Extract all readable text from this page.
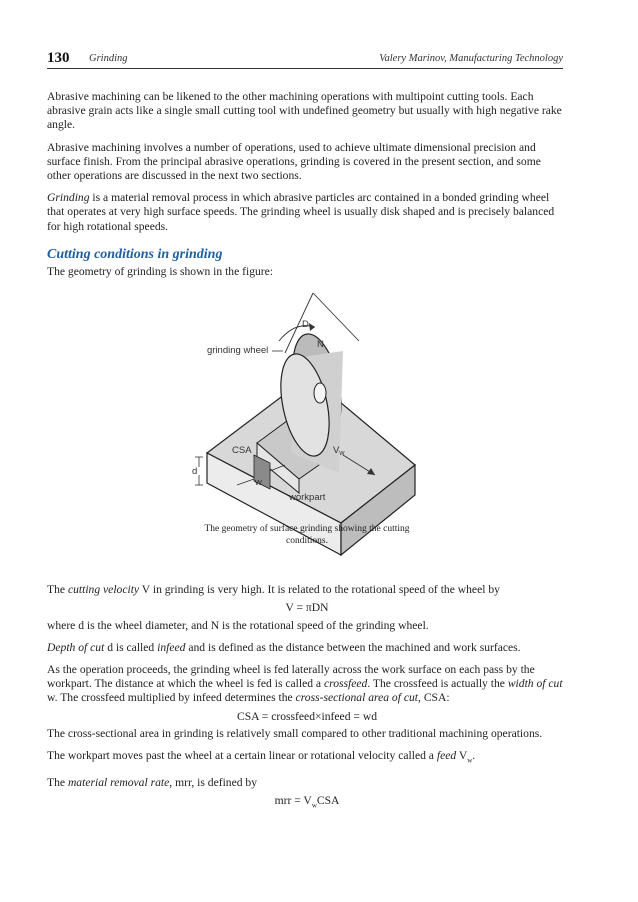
130 Grinding	Valery Marinov, Manufacturing Technology

Abrasive machining can be likened to the other machining operations with multipoint cutting tools. Each abrasive grain acts like a single small cutting tool with undefined geometry but usually with high negative rake angle.

Abrasive machining involves a number of operations, used to achieve ultimate dimensional precision and surface finish. From the principal abrasive operations, grinding is covered in the present section, and some other operations are discussed in the next two sections.

Grinding is a material removal process in which abrasive particles arc contained in a bonded grinding wheel that operates at very high surface speeds. The grinding wheel is usually disk shaped and is precisely balanced for high rotational speeds.

Cutting conditions in grinding

The geometry of grinding is shown in the figure:

D
N
grinding wheel
CSA	$V_w$
d
w
workpart
The geometry of surface grinding showing the cutting conditions.

The cutting velocity V in grinding is very high. It is related to the rotational speed of the wheel by

V = πDN

where d is the wheel diameter, and N is the rotational speed of the grinding wheel.

Depth of cut d is called infeed and is defined as the distance between the machined and work surfaces.

As the operation proceeds, the grinding wheel is fed laterally across the work surface on each pass by the workpart. The distance at which the wheel is fed is called a crossfeed. The crossfeed is actually the width of cut w. The crossfeed multiplied by infeed determines the cross-sectional area of cut, CSA:

CSA = crossfeed×infeed = wd

The cross-sectional area in grinding is relatively small compared to other traditional machining operations.

The workpart moves past the wheel at a certain linear or rotational velocity called a feed $V_w$.

The material removal rate, mrr, is defined by

mrr = $V_wCSA$
